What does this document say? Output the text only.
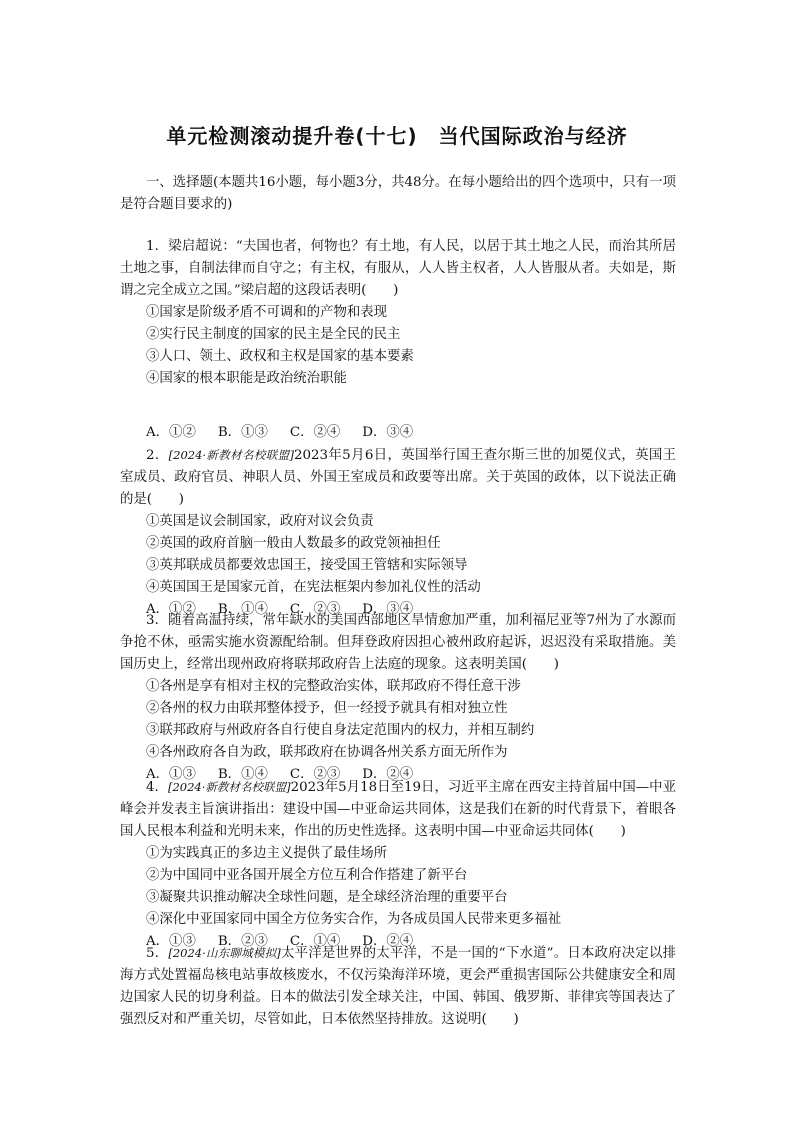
单元检测滚动提升卷(十七)　当代国际政治与经济

一、选择题(本题共16小题，每小题3分，共48分。在每小题给出的四个选项中，只有一项是符合题目要求的)

1．梁启超说：“夫国也者，何物也？有土地，有人民，以居于其土地之人民，而治其所居土地之事，自制法律而自守之；有主权，有服从，人人皆主权者，人人皆服从者。夫如是，斯谓之完全成立之国。”梁启超的这段话表明(　　)

①国家是阶级矛盾不可调和的产物和表现

②实行民主制度的国家的民主是全民的民主

③人口、领土、政权和主权是国家的基本要素

④国家的根本职能是政治统治职能

A．①② B．①③ C．②④ D．③④

2．[2024·新教材名校联盟]2023年5月6日，英国举行国王查尔斯三世的加冕仪式，英国王室成员、政府官员、神职人员、外国王室成员和政要等出席。关于英国的政体，以下说法正确的是(　　)

①英国是议会制国家，政府对议会负责

②英国的政府首脑一般由人数最多的政党领袖担任

③英邦联成员都要效忠国王，接受国王管辖和实际领导

④英国国王是国家元首，在宪法框架内参加礼仪性的活动

A．①② B．①④ C．②③ D．③④

3．随着高温持续，常年缺水的美国西部地区旱情愈加严重，加利福尼亚等7州为了水源而争抢不休，亟需实施水资源配给制。但拜登政府因担心被州政府起诉，迟迟没有采取措施。美国历史上，经常出现州政府将联邦政府告上法庭的现象。这表明美国(　　)

①各州是享有相对主权的完整政治实体，联邦政府不得任意干涉

②各州的权力由联邦整体授予，但一经授予就具有相对独立性

③联邦政府与州政府各自行使自身法定范围内的权力，并相互制约

④各州政府各自为政，联邦政府在协调各州关系方面无所作为

A．①③ B．①④ C．②③ D．②④

4．[2024·新教材名校联盟]2023年5月18日至19日，习近平主席在西安主持首届中国—中亚峰会并发表主旨演讲指出：建设中国—中亚命运共同体，这是我们在新的时代背景下，着眼各国人民根本利益和光明未来，作出的历史性选择。这表明中国—中亚命运共同体(　　)

①为实践真正的多边主义提供了最佳场所

②为中国同中亚各国开展全方位互利合作搭建了新平台

③凝聚共识推动解决全球性问题，是全球经济治理的重要平台

④深化中亚国家同中国全方位务实合作，为各成员国人民带来更多福祉

A．①③ B．②③ C．①④ D．②④

5．[2024·山东聊城模拟]太平洋是世界的太平洋，不是一国的“下水道”。日本政府决定以排海方式处置福岛核电站事故核废水，不仅污染海洋环境，更会严重损害国际公共健康安全和周边国家人民的切身利益。日本的做法引发全球关注，中国、韩国、俄罗斯、菲律宾等国表达了强烈反对和严重关切，尽管如此，日本依然坚持排放。这说明(　　)
